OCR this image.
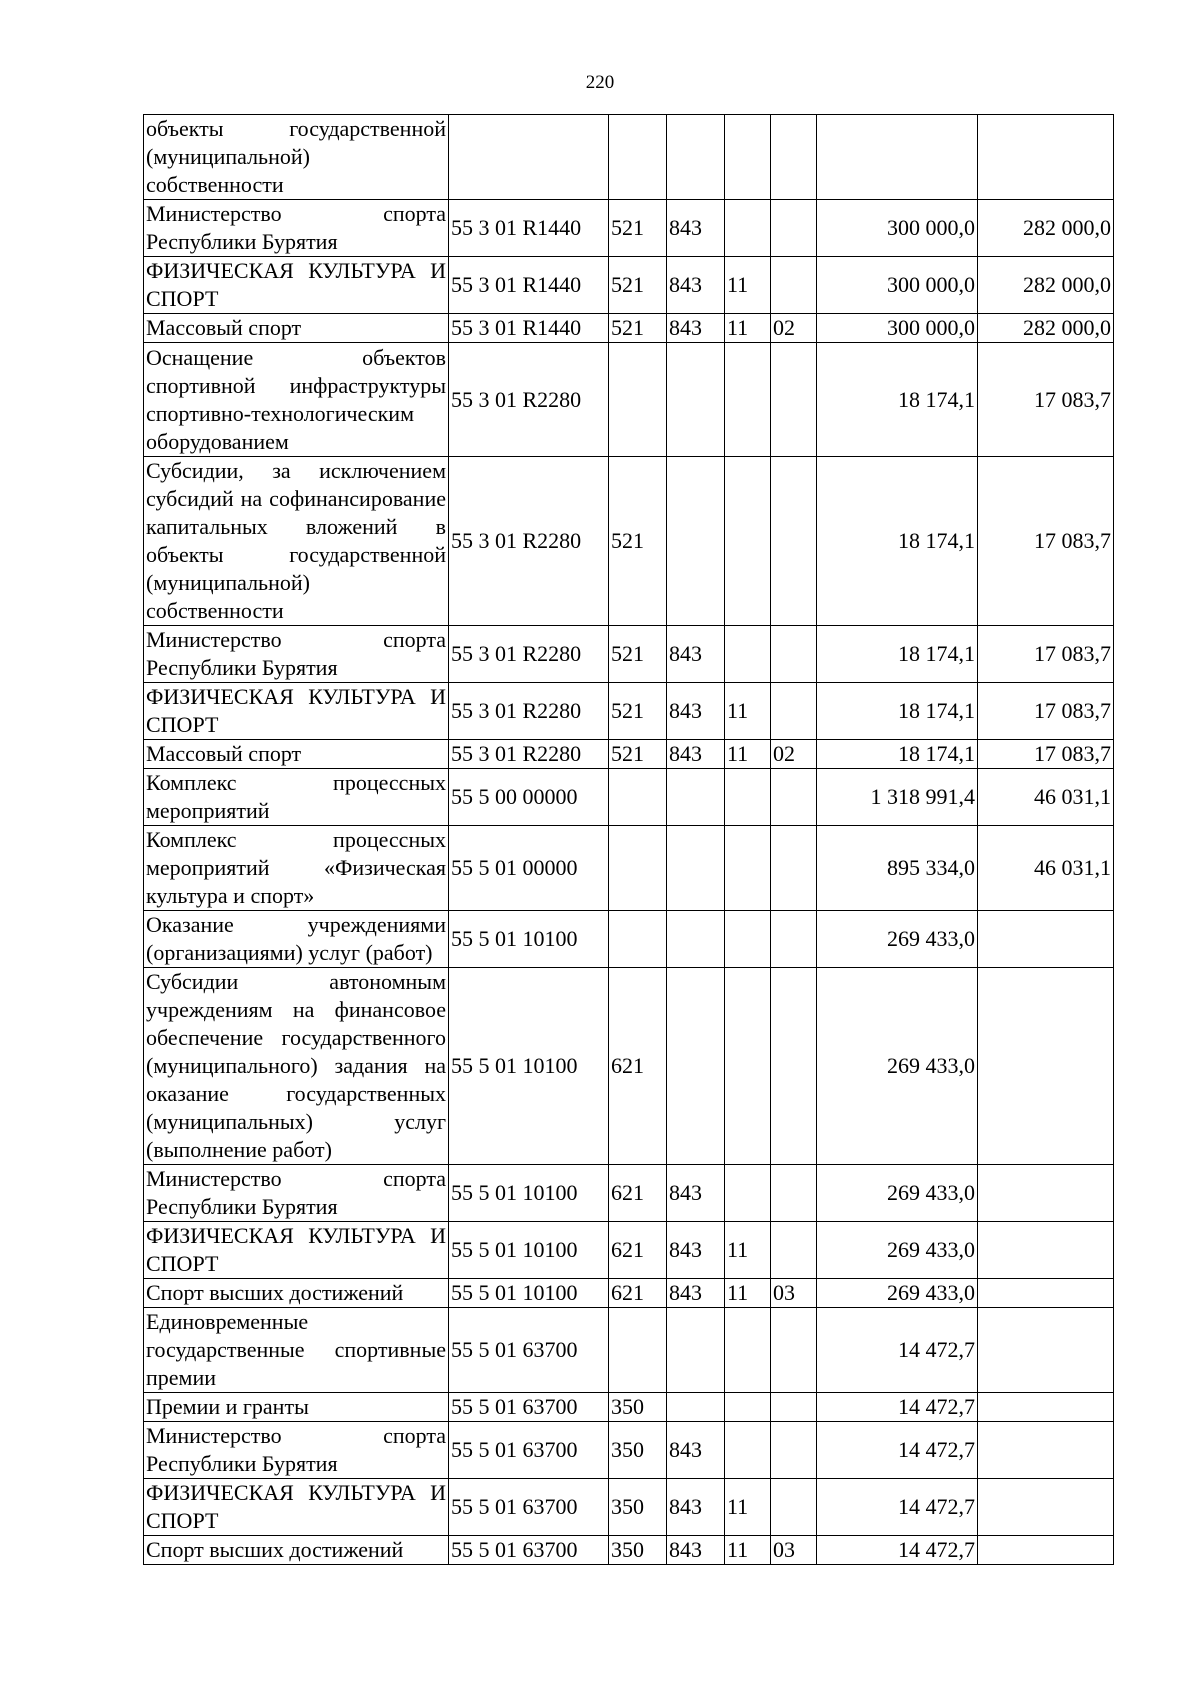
220
объекты государственной (муниципальной) собственности							
Министерство спорта Республики Бурятия	55 3 01 R1440	521	843			300 000,0	282 000,0
ФИЗИЧЕСКАЯ КУЛЬТУРА И СПОРТ	55 3 01 R1440	521	843	11		300 000,0	282 000,0
Массовый спорт	55 3 01 R1440	521	843	11	02	300 000,0	282 000,0
Оснащение объектов спортивной инфраструктуры спортивно-технологическим оборудованием	55 3 01 R2280					18 174,1	17 083,7
Субсидии, за исключением субсидий на софинансирование капитальных вложений в объекты государственной (муниципальной) собственности	55 3 01 R2280	521				18 174,1	17 083,7
Министерство спорта Республики Бурятия	55 3 01 R2280	521	843			18 174,1	17 083,7
ФИЗИЧЕСКАЯ КУЛЬТУРА И СПОРТ	55 3 01 R2280	521	843	11		18 174,1	17 083,7
Массовый спорт	55 3 01 R2280	521	843	11	02	18 174,1	17 083,7
Комплекс процессных мероприятий	55 5 00 00000					1 318 991,4	46 031,1
Комплекс процессных мероприятий «Физическая культура и спорт»	55 5 01 00000					895 334,0	46 031,1
Оказание учреждениями (организациями) услуг (работ)	55 5 01 10100					269 433,0	
Субсидии автономным учреждениям на финансовое обеспечение государственного (муниципального) задания на оказание государственных (муниципальных) услуг (выполнение работ)	55 5 01 10100	621				269 433,0	
Министерство спорта Республики Бурятия	55 5 01 10100	621	843			269 433,0	
ФИЗИЧЕСКАЯ КУЛЬТУРА И СПОРТ	55 5 01 10100	621	843	11		269 433,0	
Спорт высших достижений	55 5 01 10100	621	843	11	03	269 433,0	
Единовременные государственные спортивные премии	55 5 01 63700					14 472,7	
Премии и гранты	55 5 01 63700	350				14 472,7	
Министерство спорта Республики Бурятия	55 5 01 63700	350	843			14 472,7	
ФИЗИЧЕСКАЯ КУЛЬТУРА И СПОРТ	55 5 01 63700	350	843	11		14 472,7	
Спорт высших достижений	55 5 01 63700	350	843	11	03	14 472,7	
